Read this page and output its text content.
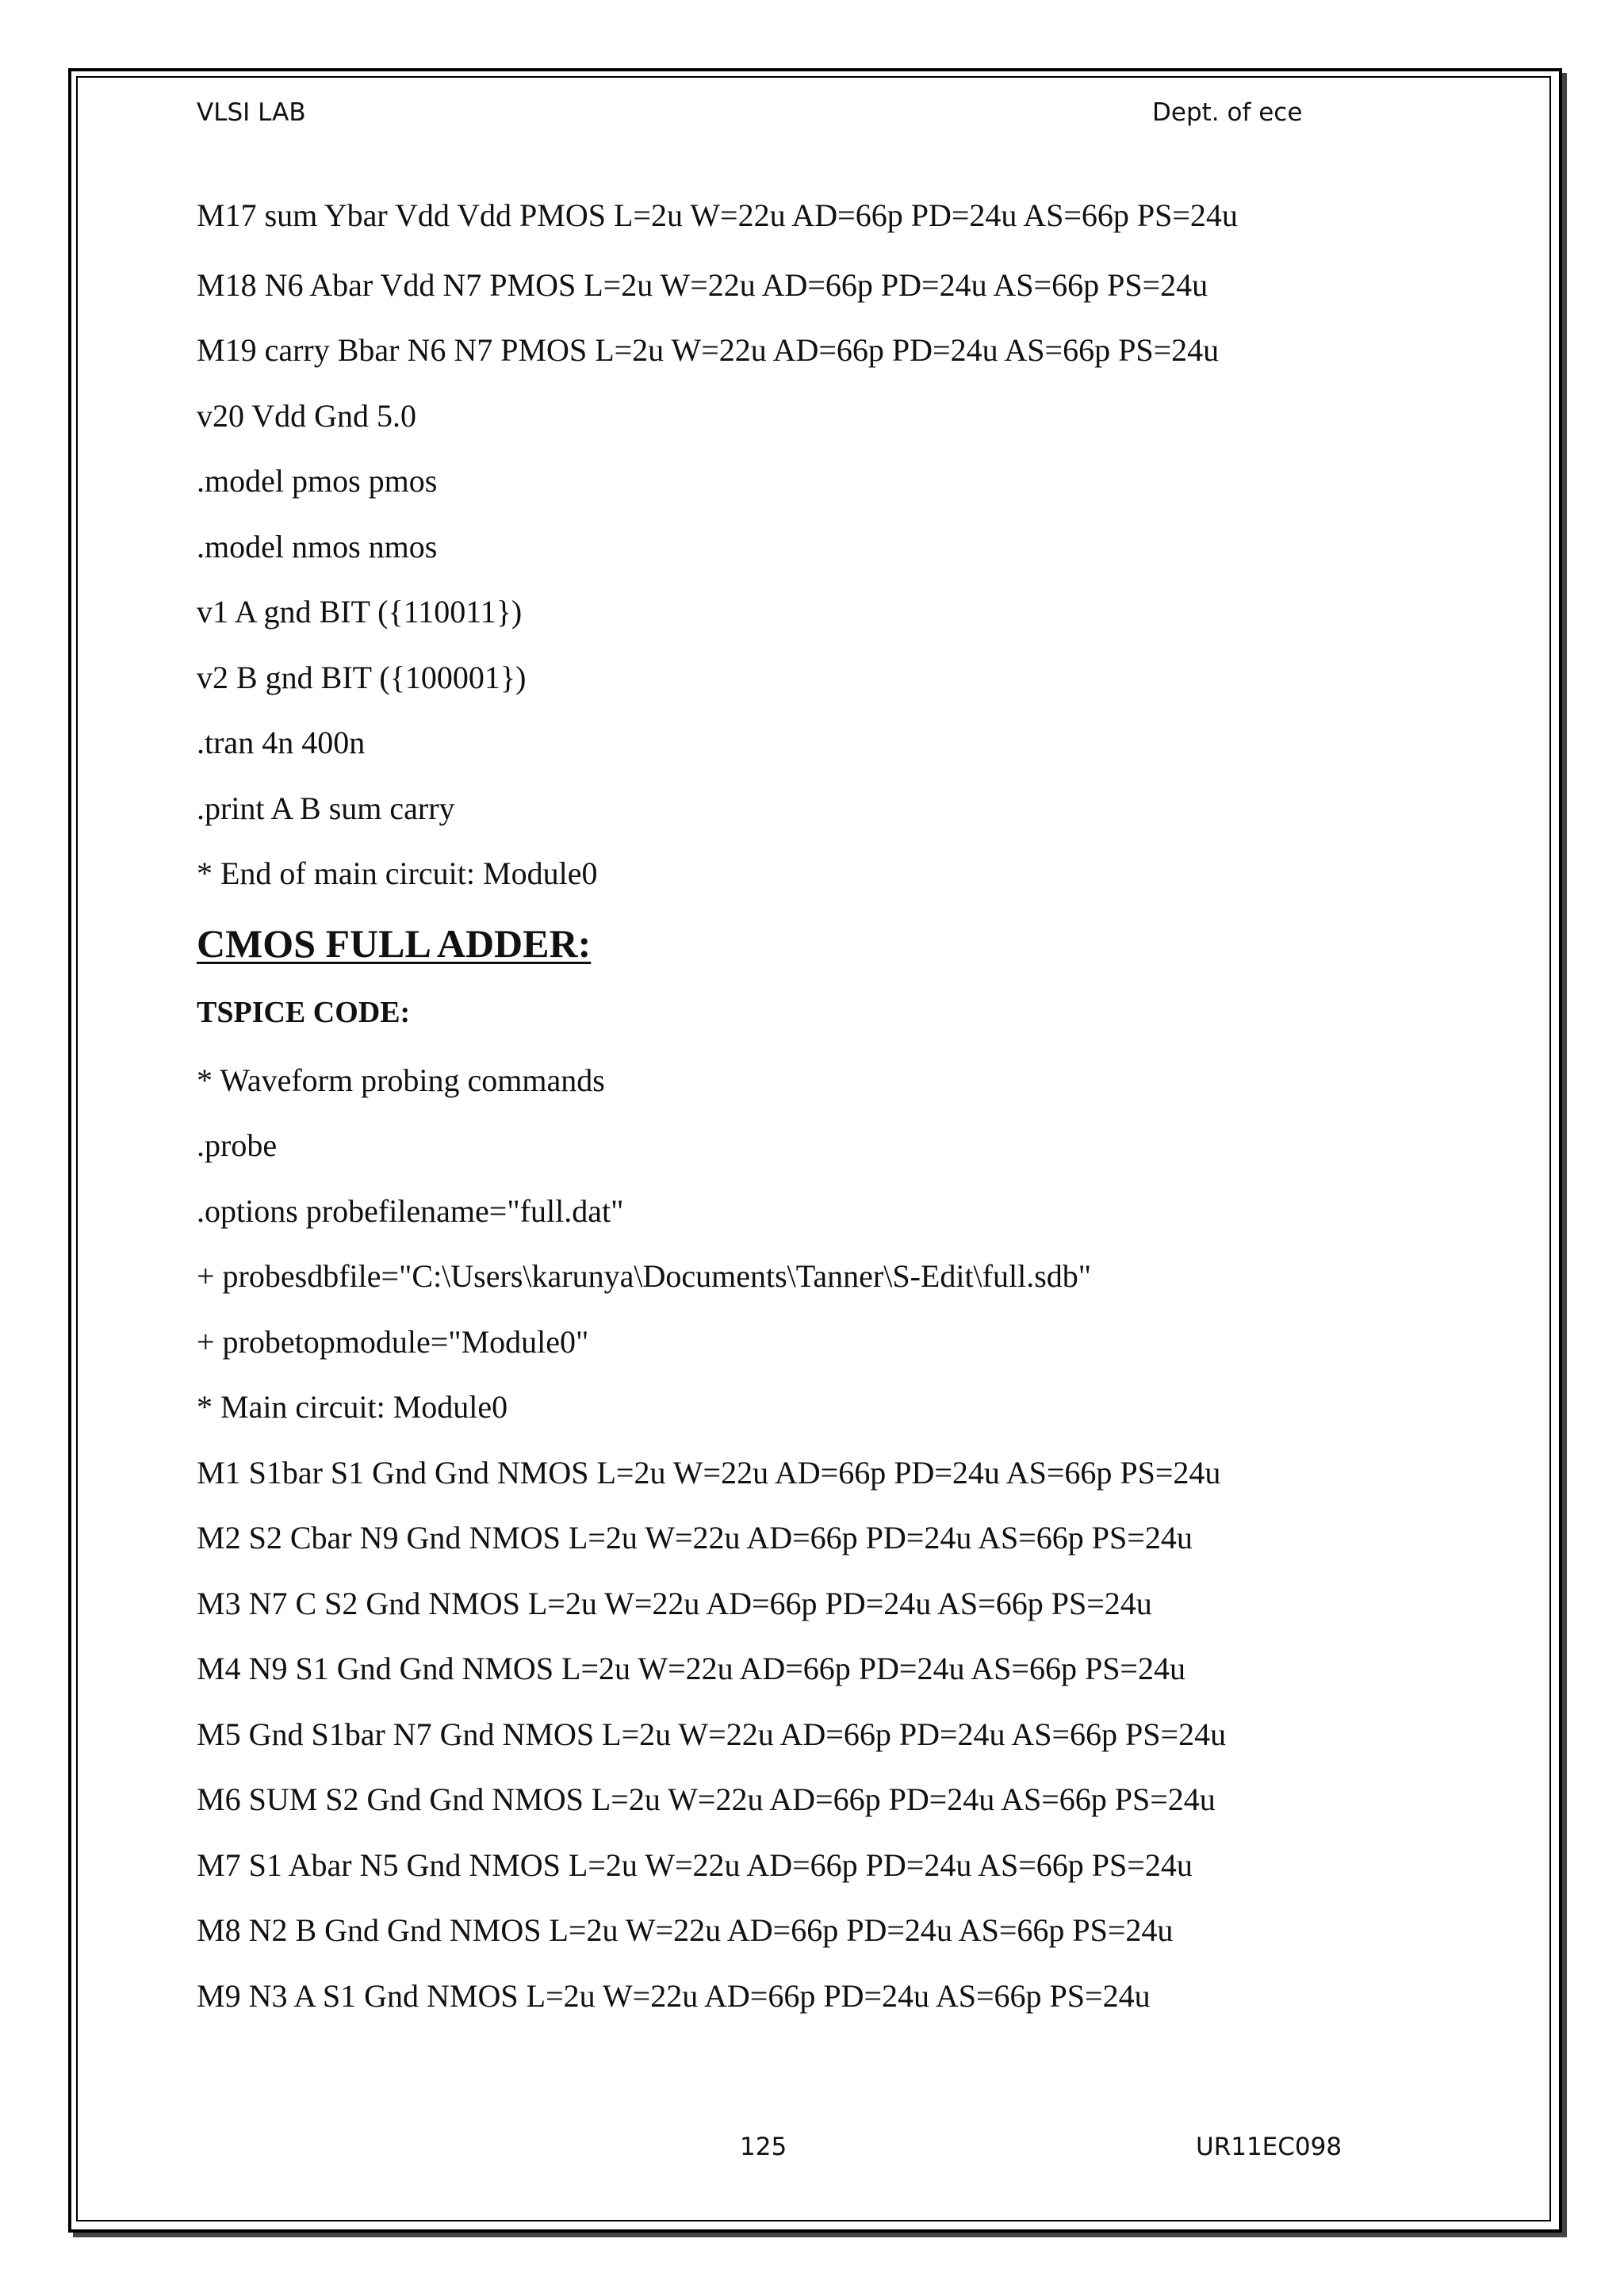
VLSI LAB	Dept. of ece
M17 sum Ybar Vdd Vdd PMOS L=2u W=22u AD=66p PD=24u AS=66p PS=24u
M18 N6 Abar Vdd N7 PMOS L=2u W=22u AD=66p PD=24u AS=66p PS=24u
M19 carry Bbar N6 N7 PMOS L=2u W=22u AD=66p PD=24u AS=66p PS=24u
v20 Vdd Gnd 5.0
.model pmos pmos
.model nmos nmos
v1 A gnd BIT ({110011})
v2 B gnd BIT ({100001})
.tran 4n 400n
.print A B sum carry
* End of main circuit: Module0
CMOS FULL ADDER:
TSPICE CODE:
* Waveform probing commands
.probe
.options probefilename="full.dat"
+ probesdbfile="C:\Users\karunya\Documents\Tanner\S-Edit\full.sdb"
+ probetopmodule="Module0"
* Main circuit: Module0
M1 S1bar S1 Gnd Gnd NMOS L=2u W=22u AD=66p PD=24u AS=66p PS=24u
M2 S2 Cbar N9 Gnd NMOS L=2u W=22u AD=66p PD=24u AS=66p PS=24u
M3 N7 C S2 Gnd NMOS L=2u W=22u AD=66p PD=24u AS=66p PS=24u
M4 N9 S1 Gnd Gnd NMOS L=2u W=22u AD=66p PD=24u AS=66p PS=24u
M5 Gnd S1bar N7 Gnd NMOS L=2u W=22u AD=66p PD=24u AS=66p PS=24u
M6 SUM S2 Gnd Gnd NMOS L=2u W=22u AD=66p PD=24u AS=66p PS=24u
M7 S1 Abar N5 Gnd NMOS L=2u W=22u AD=66p PD=24u AS=66p PS=24u
M8 N2 B Gnd Gnd NMOS L=2u W=22u AD=66p PD=24u AS=66p PS=24u
M9 N3 A S1 Gnd NMOS L=2u W=22u AD=66p PD=24u AS=66p PS=24u
125	UR11EC098
